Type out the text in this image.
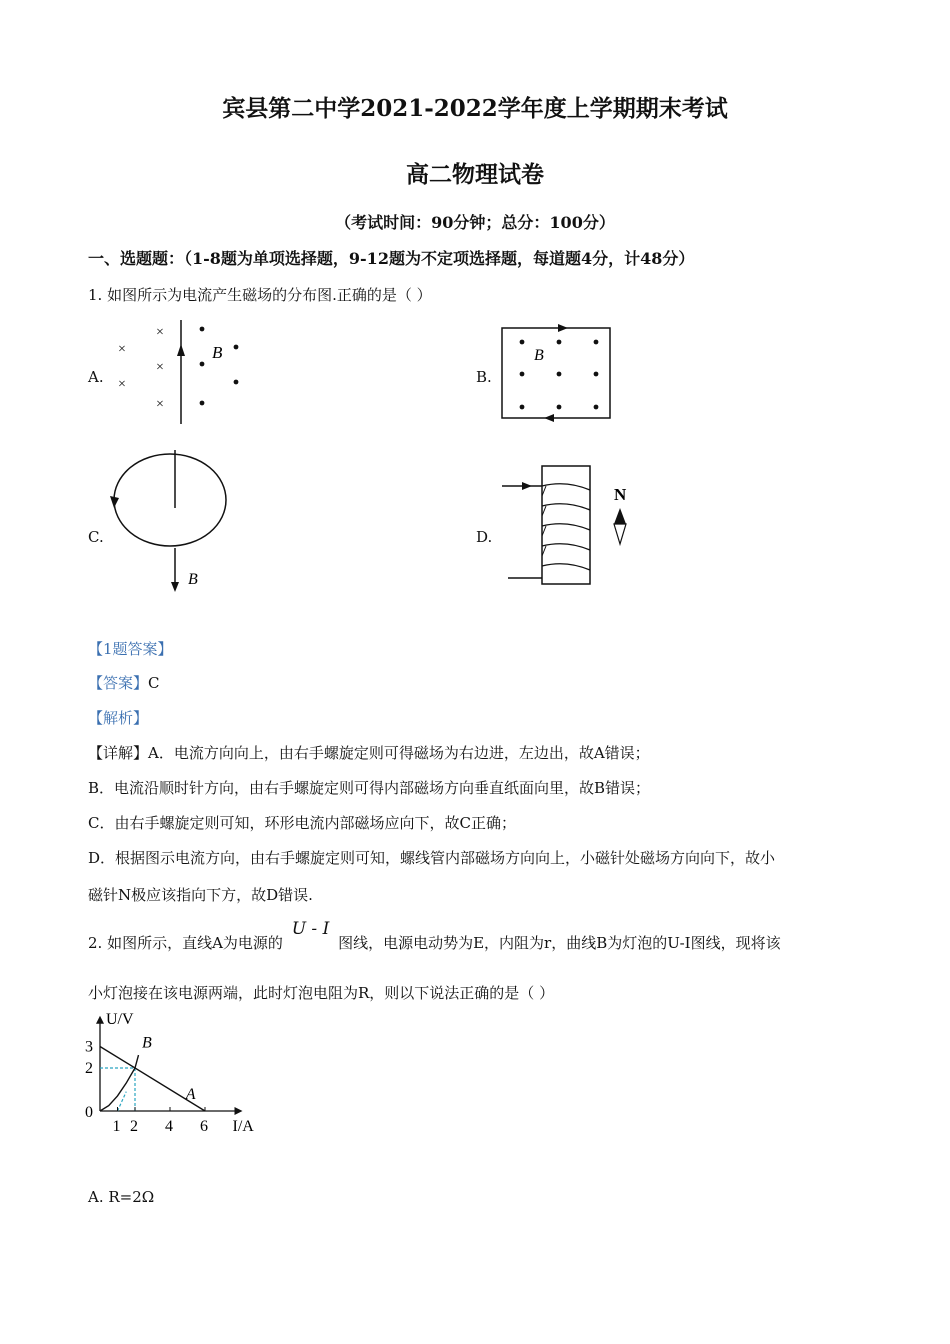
宾县第二中学2021-2022学年度上学期期末考试
高二物理试卷
（考试时间：90分钟；总分：100分）
一、选题题：（1-8题为单项选择题，9-12题为不定项选择题，每道题4分，计48分）
1. 如图所示为电流产生磁场的分布图.正确的是（ ）
A.
×
×
×
×
×
B
B.
B
C.
B
D.
N
【1题答案】
【答案】C
【解析】
【详解】A．电流方向向上，由右手螺旋定则可得磁场为右边进，左边出，故A错误；
B．电流沿顺时针方向，由右手螺旋定则可得内部磁场方向垂直纸面向里，故B错误；
C．由右手螺旋定则可知，环形电流内部磁场应向下，故C正确；
D．根据图示电流方向，由右手螺旋定则可知，螺线管内部磁场方向向上，小磁针处磁场方向向下，故小
磁针N极应该指向下方，故D错误.
2. 如图所示，直线A为电源的 U - I 图线，电源电动势为E，内阻为r，曲线B为灯泡的U-I图线，现将该
小灯泡接在该电源两端，此时灯泡电阻为R，则以下说法正确的是（ ）
U/V
I/A
A
B
1 2 4 6
0
2
3
A. R=2Ω
